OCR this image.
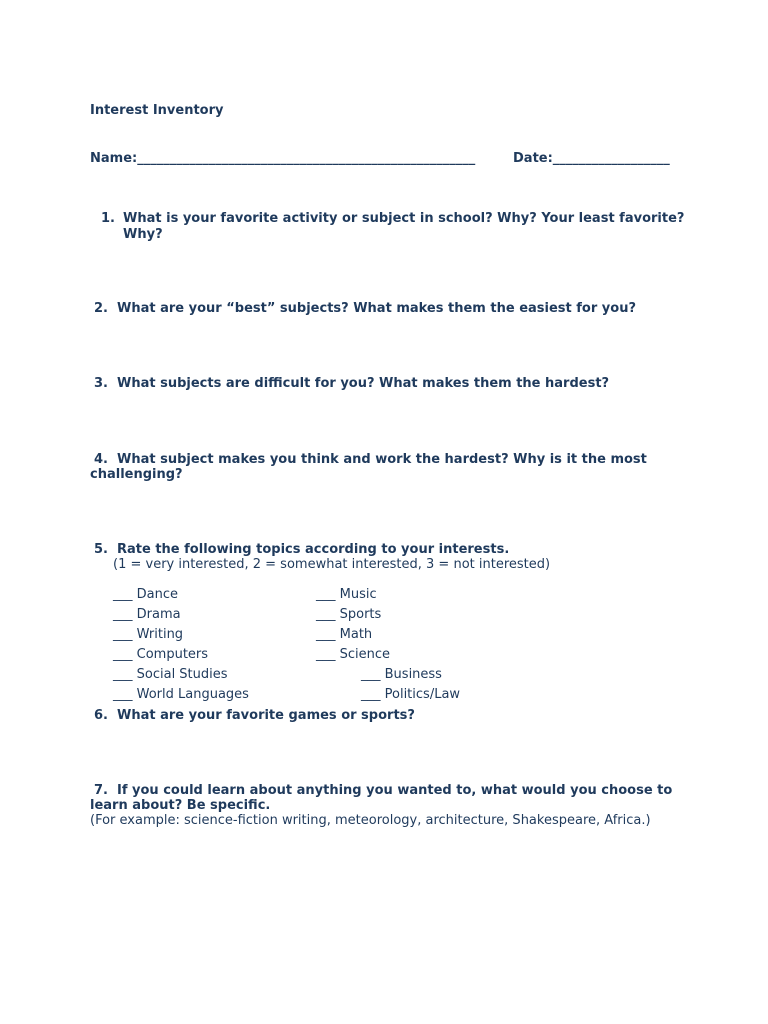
Interest Inventory
Name:____________________________________________________	Date:__________________
1. What is your favorite activity or subject in school? Why? Your least favorite?
Why?
2. What are your “best” subjects? What makes them the easiest for you?
3. What subjects are difficult for you? What makes them the hardest?
4. What subject makes you think and work the hardest? Why is it the most
challenging?
5. Rate the following topics according to your interests.
(1 = very interested, 2 = somewhat interested, 3 = not interested)
___ Dance
___ Drama
___ Writing
___ Computers
___ Social Studies
___ World Languages
___ Music
___ Sports
___ Math
___ Science
___ Business
___ Politics/Law
6. What are your favorite games or sports?
7. If you could learn about anything you wanted to, what would you choose to
learn about? Be specific.
(For example: science-fiction writing, meteorology, architecture, Shakespeare, Africa.)
